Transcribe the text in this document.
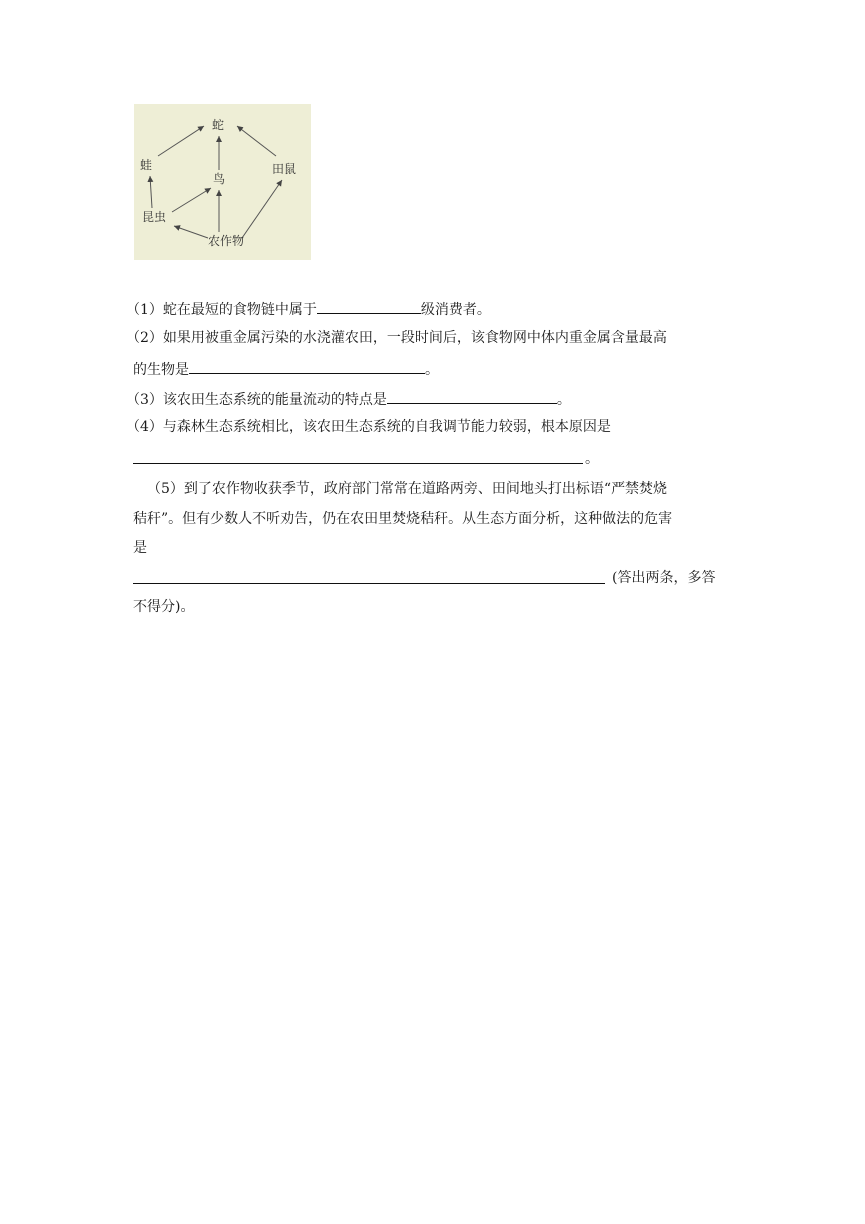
蛇
蛙
鸟
田鼠
昆虫
农作物
（1）蛇在最短的食物链中属于	级消费者。
（2）如果用被重金属污染的水浇灌农田，一段时间后，该食物网中体内重金属含量最高
的生物是	。
（3）该农田生态系统的能量流动的特点是	。
（4）与森林生态系统相比，该农田生态系统的自我调节能力较弱，根本原因是
。
（5）到了农作物收获季节，政府部门常常在道路两旁、田间地头打出标语“严禁焚烧
秸秆”。但有少数人不听劝告，仍在农田里焚烧秸秆。从生态方面分析，这种做法的危害
是
(答出两条，多答
不得分)。
